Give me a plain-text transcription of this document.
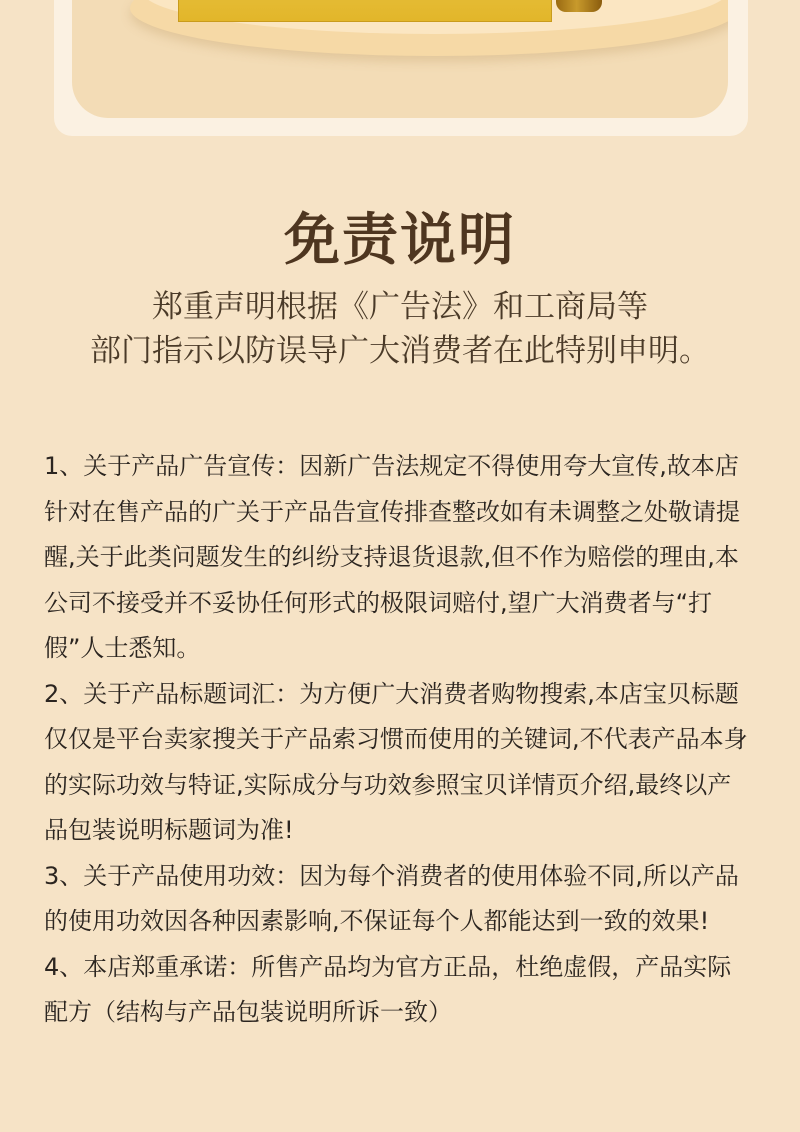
免责说明
郑重声明根据《广告法》和工商局等
部门指示以防误导广大消费者在此特别申明。

1、关于产品广告宣传：因新广告法规定不得使用夸大宣传,故本店针对在售产品的广关于产品告宣传排查整改如有未调整之处敬请提醒,关于此类问题发生的纠纷支持退货退款,但不作为赔偿的理由,本公司不接受并不妥协任何形式的极限词赔付,望广大消费者与“打假”人士悉知。

2、关于产品标题词汇：为方便广大消费者购物搜索,本店宝贝标题仅仅是平台卖家搜关于产品索习惯而使用的关键词,不代表产品本身的实际功效与特证,实际成分与功效参照宝贝详情页介绍,最终以产品包装说明标题词为准!

3、关于产品使用功效：因为每个消费者的使用体验不同,所以产品的使用功效因各种因素影响,不保证每个人都能达到一致的效果!

4、本店郑重承诺：所售产品均为官方正品，杜绝虚假，产品实际配方（结构与产品包装说明所诉一致）
